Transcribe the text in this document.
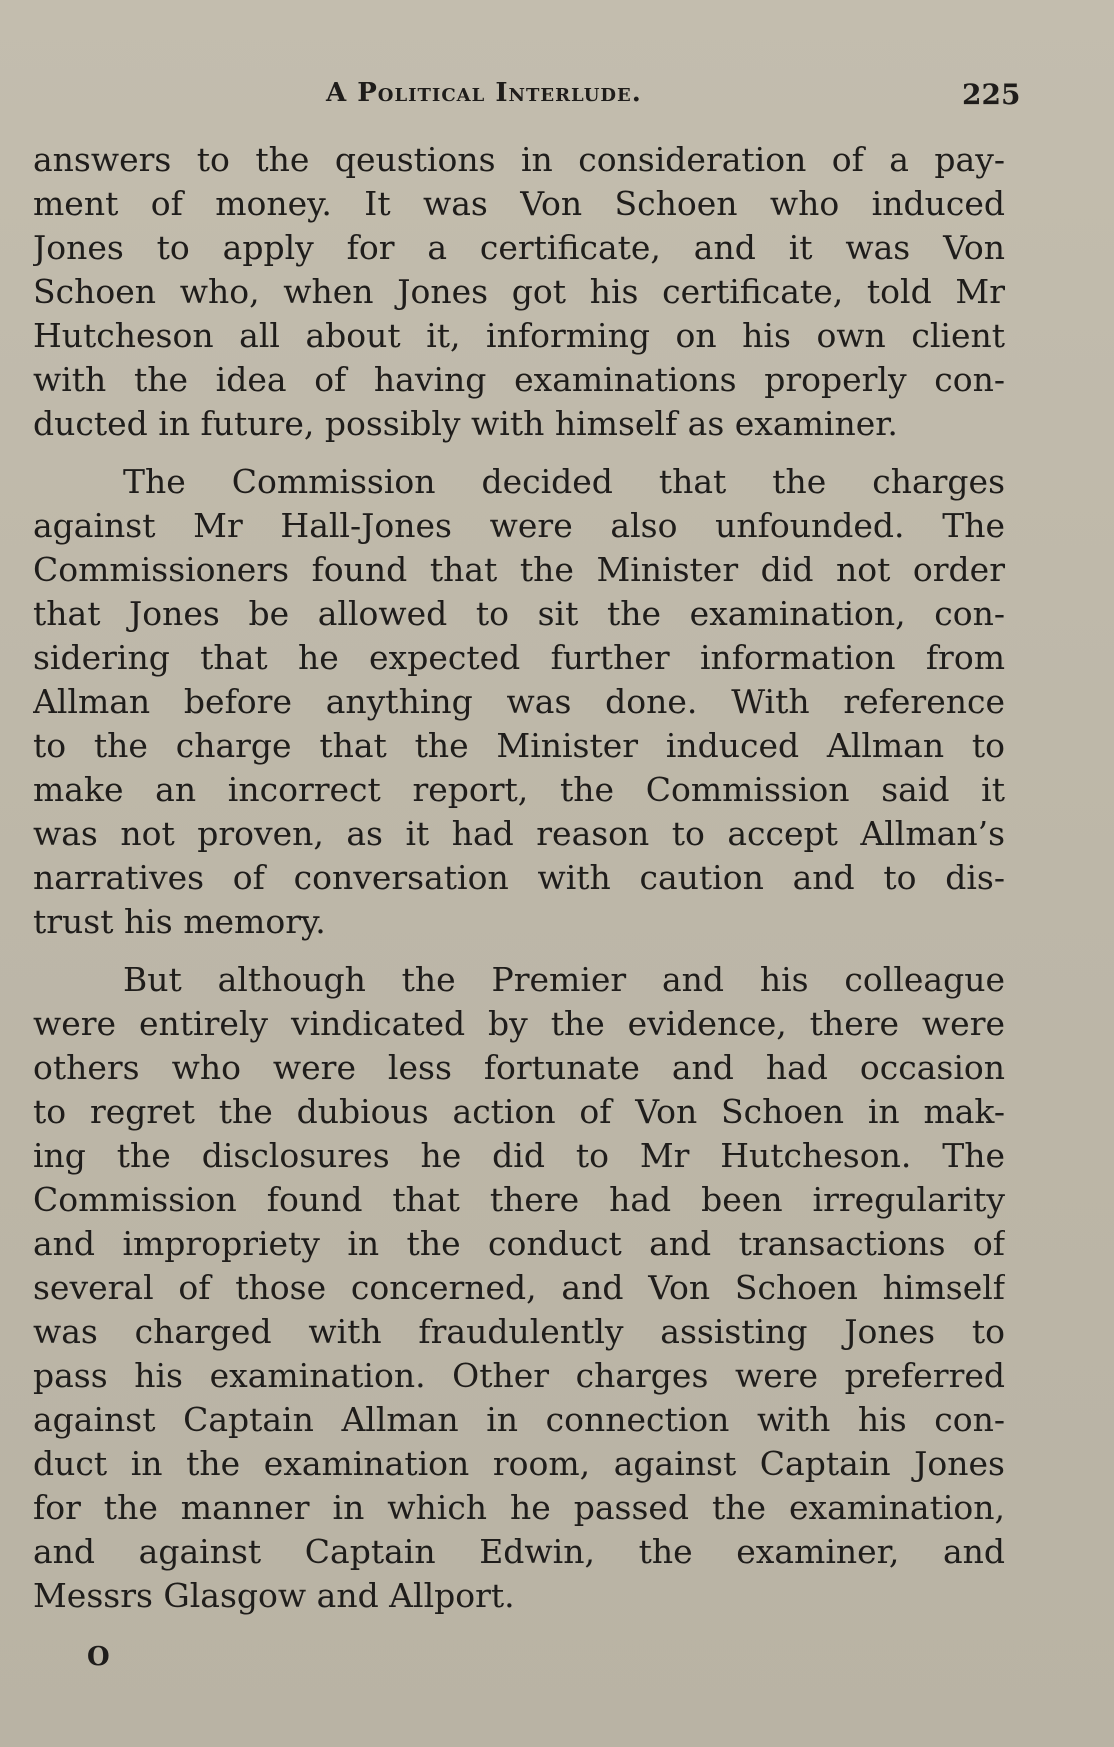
A Political Interlude.	225
answers to the qeustions in consideration of a pay-
ment of money. It was Von Schoen who induced
Jones to apply for a certificate, and it was Von
Schoen who, when Jones got his certificate, told Mr
Hutcheson all about it, informing on his own client
with the idea of having examinations properly con-
ducted in future, possibly with himself as examiner.
The Commission decided that the charges
against Mr Hall-Jones were also unfounded. The
Commissioners found that the Minister did not order
that Jones be allowed to sit the examination, con-
sidering that he expected further information from
Allman before anything was done. With reference
to the charge that the Minister induced Allman to
make an incorrect report, the Commission said it
was not proven, as it had reason to accept Allman’s
narratives of conversation with caution and to dis-
trust his memory.
But although the Premier and his colleague
were entirely vindicated by the evidence, there were
others who were less fortunate and had occasion
to regret the dubious action of Von Schoen in mak-
ing the disclosures he did to Mr Hutcheson. The
Commission found that there had been irregularity
and impropriety in the conduct and transactions of
several of those concerned, and Von Schoen himself
was charged with fraudulently assisting Jones to
pass his examination. Other charges were preferred
against Captain Allman in connection with his con-
duct in the examination room, against Captain Jones
for the manner in which he passed the examination,
and against Captain Edwin, the examiner, and
Messrs Glasgow and Allport.
O
